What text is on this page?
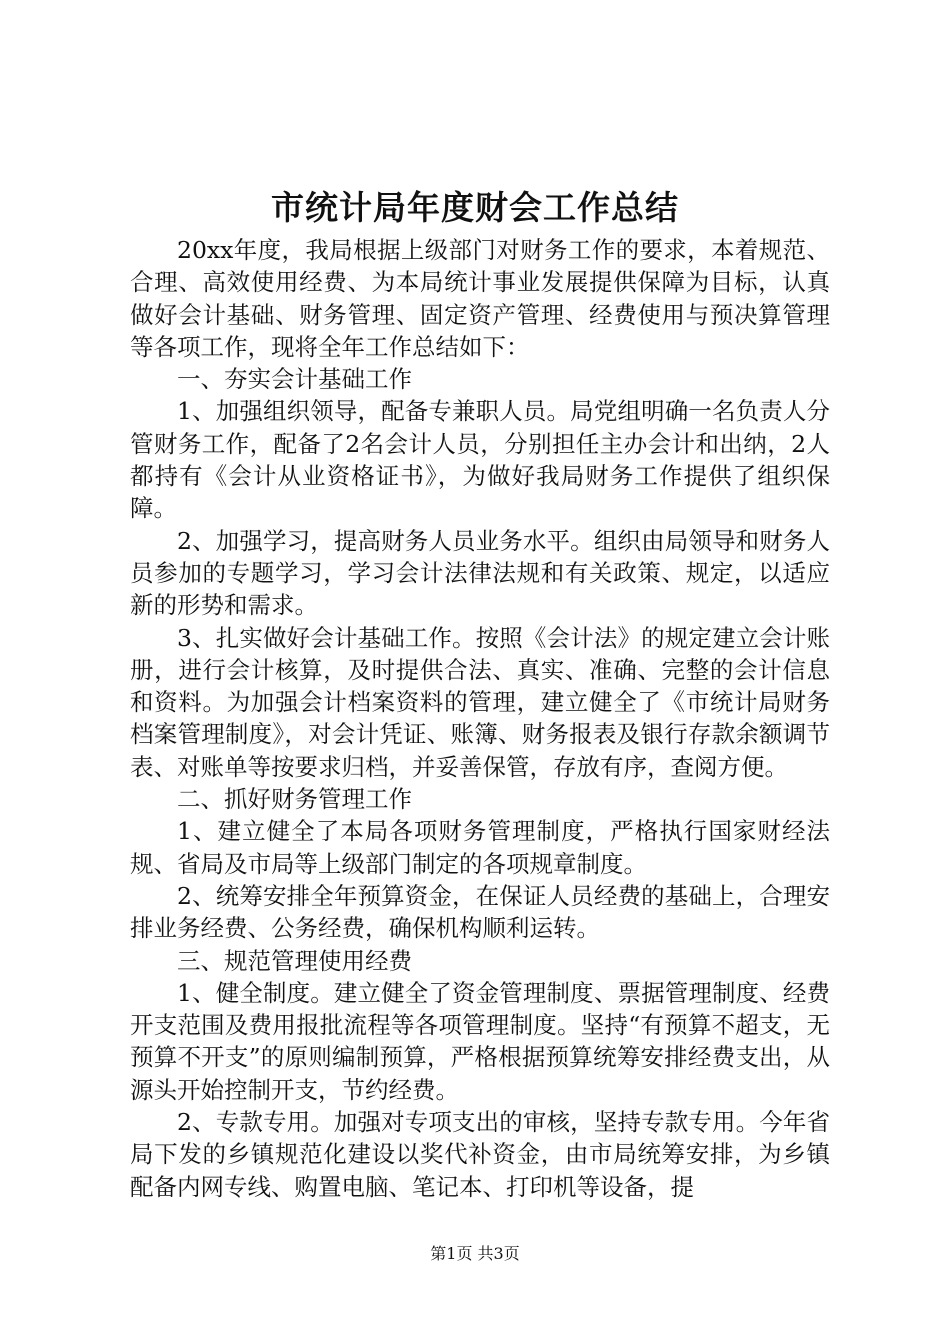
市统计局年度财会工作总结

20xx年度，我局根据上级部门对财务工作的要求，本着规范、合理、高效使用经费、为本局统计事业发展提供保障为目标，认真做好会计基础、财务管理、固定资产管理、经费使用与预决算管理等各项工作，现将全年工作总结如下：

一、夯实会计基础工作

1、加强组织领导，配备专兼职人员。局党组明确一名负责人分管财务工作，配备了2名会计人员，分别担任主办会计和出纳，2人都持有《会计从业资格证书》，为做好我局财务工作提供了组织保障。

2、加强学习，提高财务人员业务水平。组织由局领导和财务人员参加的专题学习，学习会计法律法规和有关政策、规定，以适应新的形势和需求。

3、扎实做好会计基础工作。按照《会计法》的规定建立会计账册，进行会计核算，及时提供合法、真实、准确、完整的会计信息和资料。为加强会计档案资料的管理，建立健全了《市统计局财务档案管理制度》，对会计凭证、账簿、财务报表及银行存款余额调节表、对账单等按要求归档，并妥善保管，存放有序，查阅方便。

二、抓好财务管理工作

1、建立健全了本局各项财务管理制度，严格执行国家财经法规、省局及市局等上级部门制定的各项规章制度。

2、统筹安排全年预算资金，在保证人员经费的基础上，合理安排业务经费、公务经费，确保机构顺利运转。

三、规范管理使用经费

1、健全制度。建立健全了资金管理制度、票据管理制度、经费开支范围及费用报批流程等各项管理制度。坚持“有预算不超支，无预算不开支”的原则编制预算，严格根据预算统筹安排经费支出，从源头开始控制开支，节约经费。

2、专款专用。加强对专项支出的审核，坚持专款专用。今年省局下发的乡镇规范化建设以奖代补资金，由市局统筹安排，为乡镇配备内网专线、购置电脑、笔记本、打印机等设备，提

第1页 共3页
